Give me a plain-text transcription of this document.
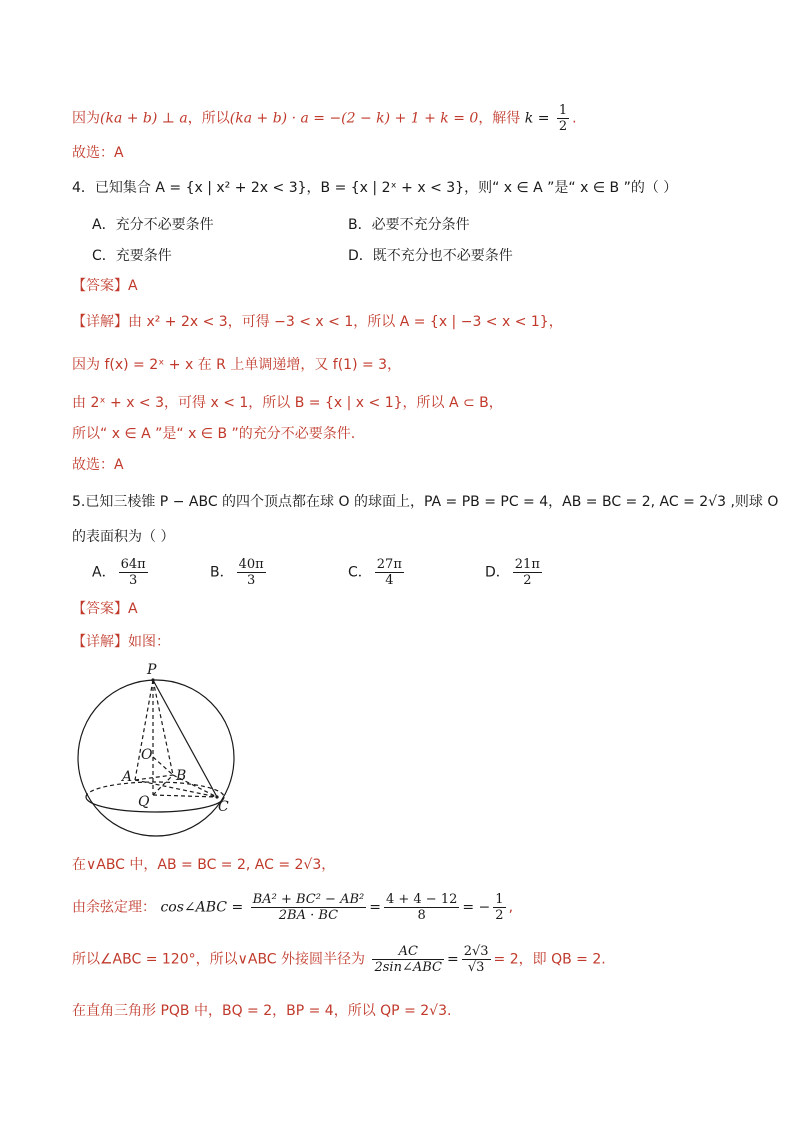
因为(ka + b) ⊥ a，所以(ka + b) · a = −(2 − k) + 1 + k = 0，解得 $k = \frac{1}{2}$ .
故选：A
4．已知集合 A = {x | x² + 2x < 3}，B = {x | 2ˣ + x < 3}，则“ x ∈ A ”是“ x ∈ B ”的（ ）
A．充分不必要条件	B．必要不充分条件
C．充要条件	D．既不充分也不必要条件
【答案】A
【详解】由 x² + 2x < 3，可得 −3 < x < 1，所以 A = {x | −3 < x < 1}，
因为 f(x) = 2ˣ + x 在 R 上单调递增，又 f(1) = 3，
由 2ˣ + x < 3，可得 x < 1，所以 B = {x | x < 1}，所以 A ⊂ B，
所以“ x ∈ A ”是“ x ∈ B ”的充分不必要条件.
故选：A
5.已知三棱锥 P − ABC 的四个顶点都在球 O 的球面上，PA = PB = PC = 4，AB = BC = 2, AC = 2√3 ,则球 O
的表面积为（ ）
A． $\frac{64\pi}{3}$	B． $\frac{40\pi}{3}$	C． $\frac{27\pi}{4}$	D． $\frac{21\pi}{2}$
【答案】A
【详解】如图：
P
O
A	B
Q	C
在∨ABC 中，AB = BC = 2, AC = 2√3，
由余弦定理： cos∠ABC = $\frac{\text{BA² + BC² − AB²}}{2BA \cdot BC} = \frac{4 + 4 - 12}{8}$ = − $\frac{1}{2}$ ,
所以∠ABC = 120°，所以∨ABC 外接圆半径为 $\frac{AC}{\text{2sin∠ABC}} = \frac{2√3}{√3} = 2$，即 QB = 2.
在直角三角形 PQB 中，BQ = 2，BP = 4，所以 QP = 2√3.
